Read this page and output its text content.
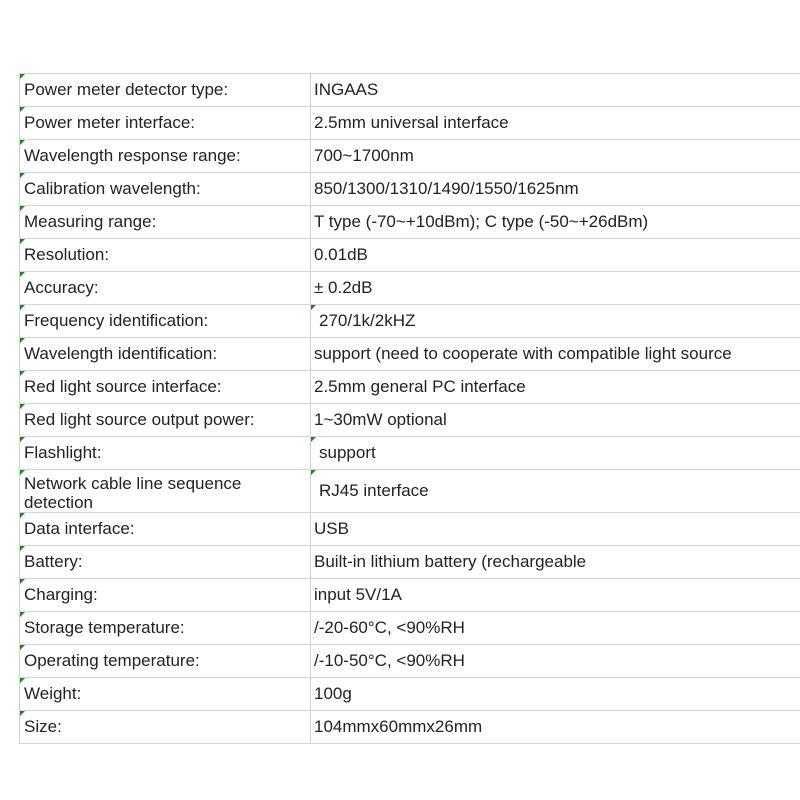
Power meter detector type:	INGAAS

Power meter interface:	2.5mm universal interface

Wavelength response range:	700~1700nm

Calibration wavelength:	850/1300/1310/1490/1550/1625nm

Measuring range:	T type (-70~+10dBm); C type (-50~+26dBm)

Resolution:	0.01dB

Accuracy:	± 0.2dB

Frequency identification:	270/1k/2kHZ

Wavelength identification:	support (need to cooperate with compatible light source

Red light source interface:	2.5mm general PC interface

Red light source output power:	1~30mW optional

Flashlight:	support

Network cable line sequence detection	RJ45 interface

Data interface:	USB

Battery:	Built-in lithium battery (rechargeable

Charging:	input 5V/1A

Storage temperature:	/-20-60°C, <90%RH

Operating temperature:	/-10-50°C, <90%RH

Weight:	100g

Size:	104mmx60mmx26mm
